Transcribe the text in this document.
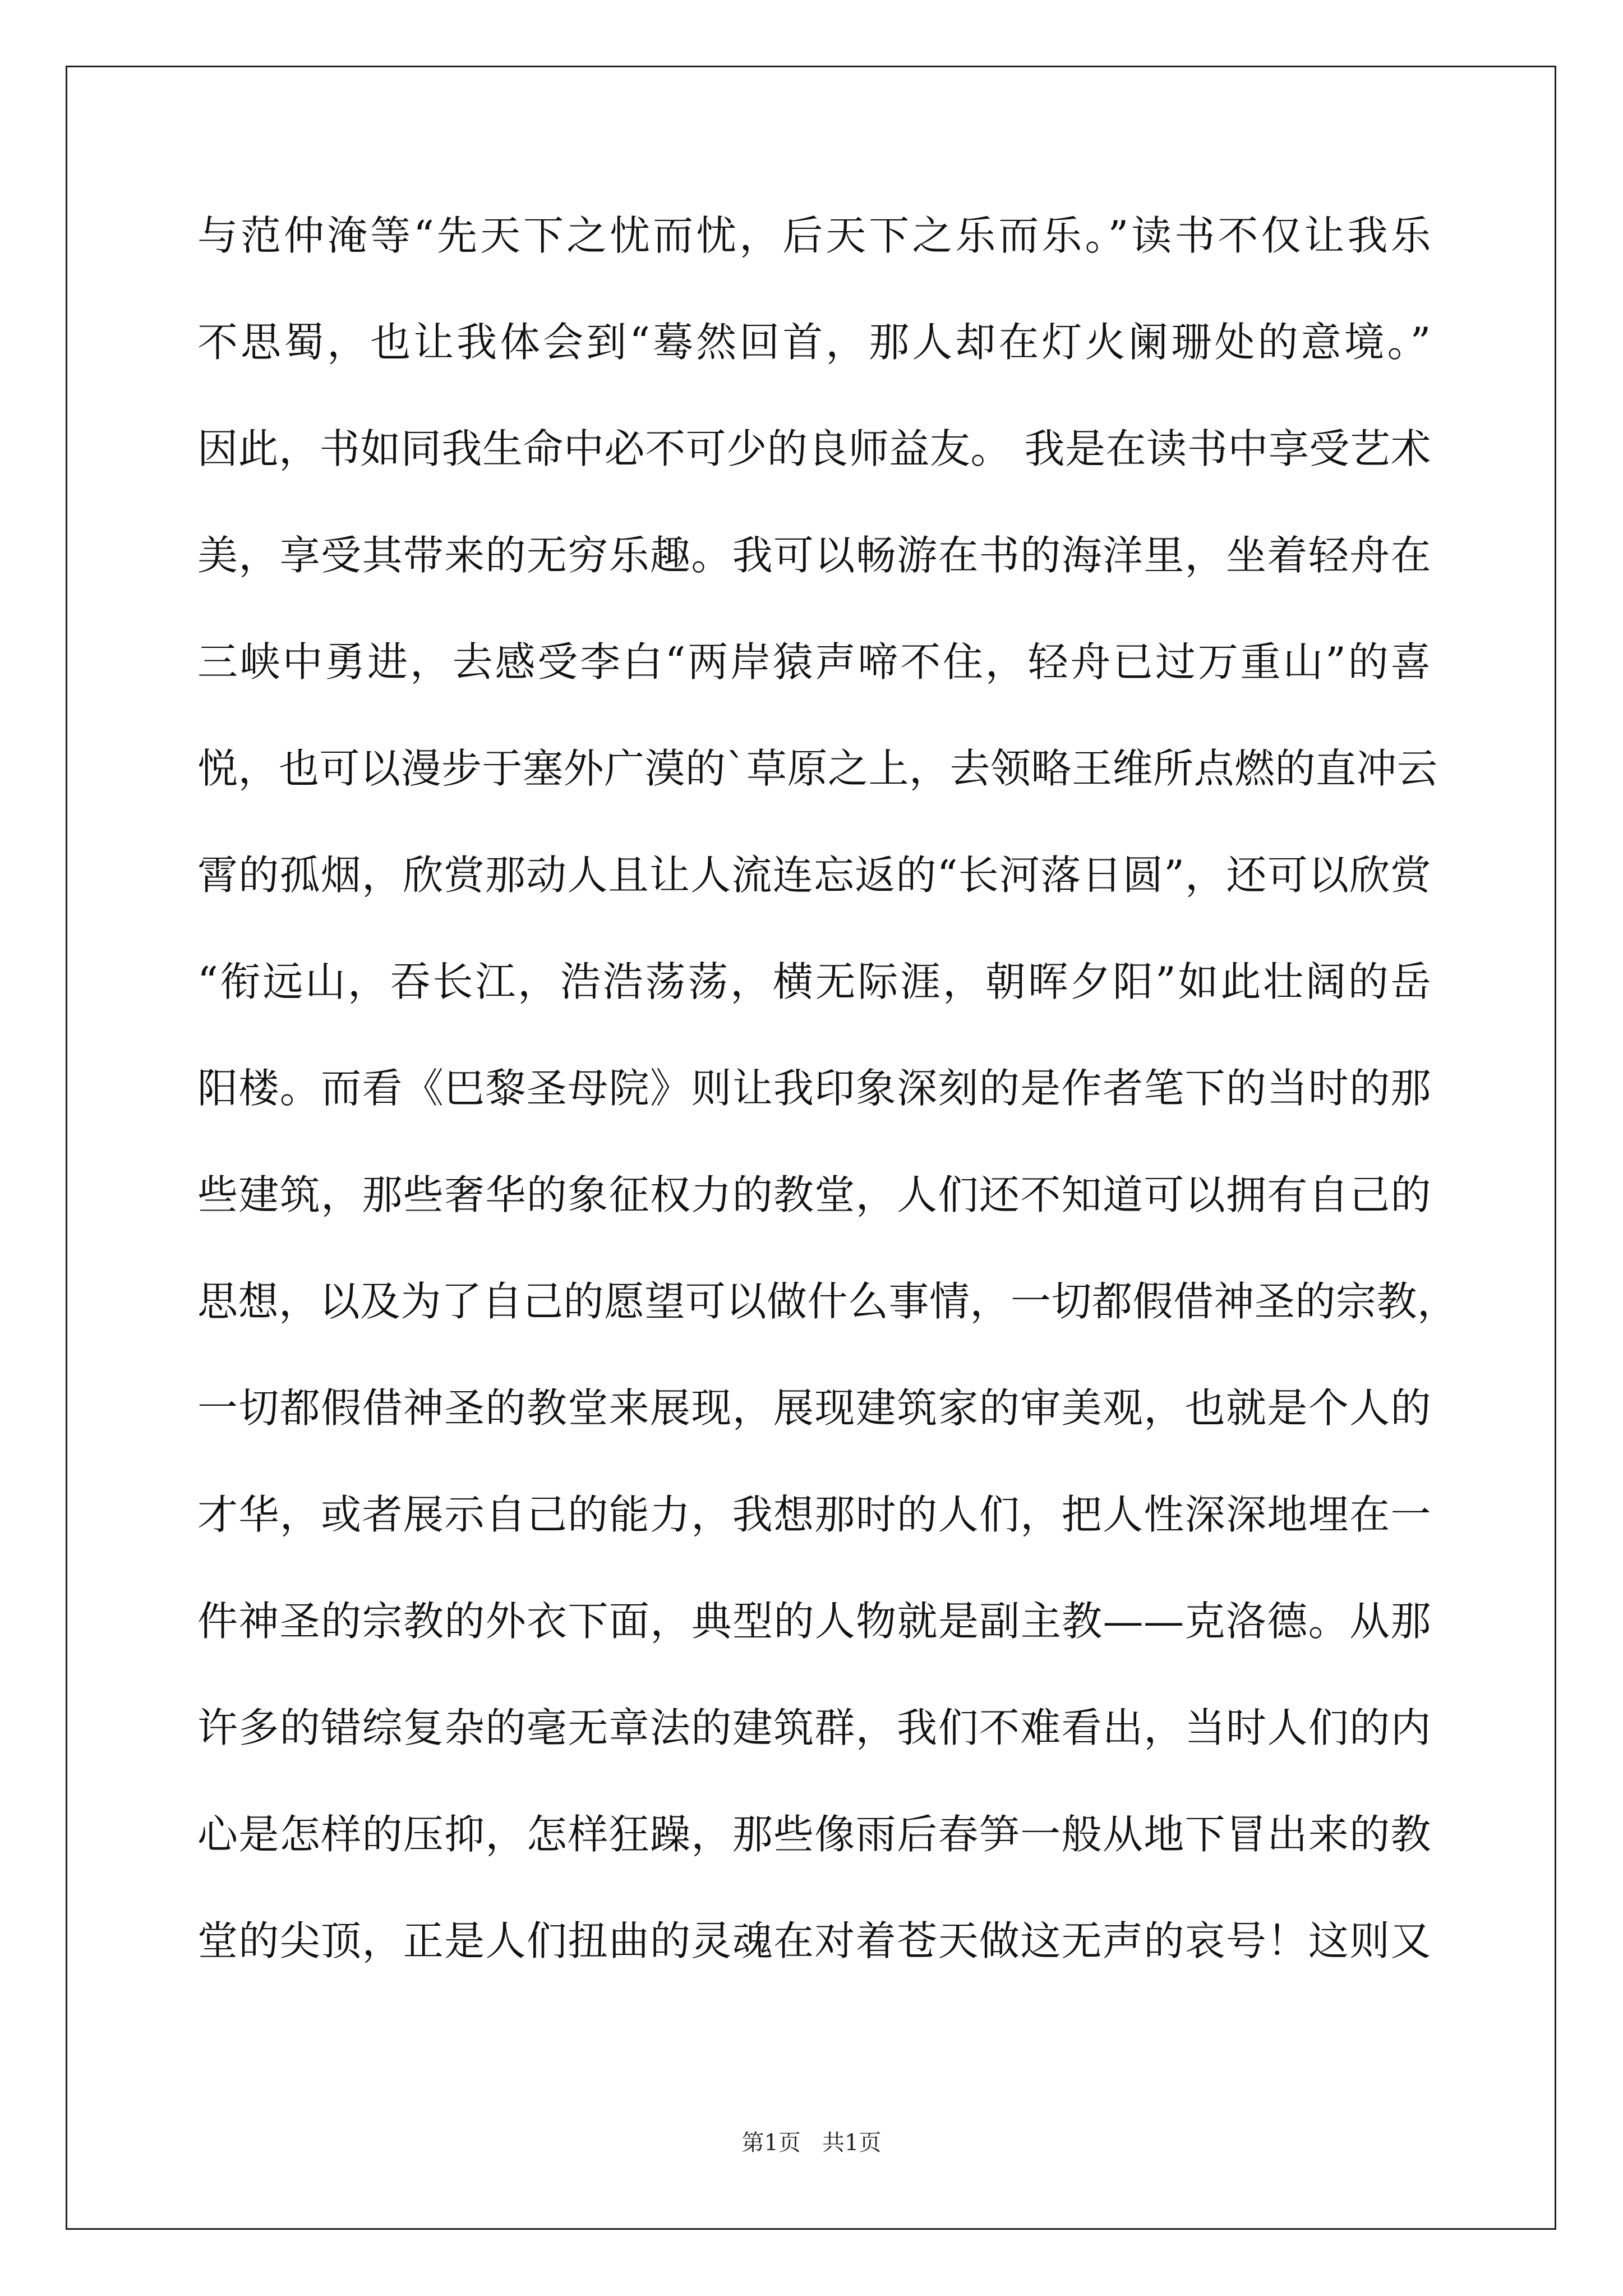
与范仲淹等“先天下之忧而忧，后天下之乐而乐。”读书不仅让我乐
不思蜀，也让我体会到“蓦然回首，那人却在灯火阑珊处的意境。”
因此，书如同我生命中必不可少的良师益友。 我是在读书中享受艺术
美，享受其带来的无穷乐趣。我可以畅游在书的海洋里，坐着轻舟在
三峡中勇进，去感受李白“两岸猿声啼不住，轻舟已过万重山”的喜
悦，也可以漫步于塞外广漠的`草原之上，去领略王维所点燃的直冲云
霄的孤烟，欣赏那动人且让人流连忘返的“长河落日圆”，还可以欣赏
“衔远山，吞长江，浩浩荡荡，横无际涯，朝晖夕阳”如此壮阔的岳
阳楼。而看《巴黎圣母院》则让我印象深刻的是作者笔下的当时的那
些建筑，那些奢华的象征权力的教堂，人们还不知道可以拥有自己的
思想，以及为了自己的愿望可以做什么事情，一切都假借神圣的宗教，
一切都假借神圣的教堂来展现，展现建筑家的审美观，也就是个人的
才华，或者展示自己的能力，我想那时的人们，把人性深深地埋在一
件神圣的宗教的外衣下面，典型的人物就是副主教——克洛德。从那
许多的错综复杂的毫无章法的建筑群，我们不难看出，当时人们的内
心是怎样的压抑，怎样狂躁，那些像雨后春笋一般从地下冒出来的教
堂的尖顶，正是人们扭曲的灵魂在对着苍天做这无声的哀号！这则又
第1页   共1页
